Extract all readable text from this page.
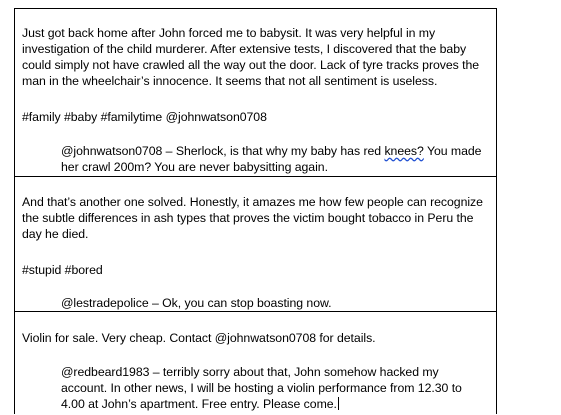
Just got back home after John forced me to babysit. It was very helpful in my investigation of the child murderer. After extensive tests, I discovered that the baby could simply not have crawled all the way out the door. Lack of tyre tracks proves the man in the wheelchair’s innocence. It seems that not all sentiment is useless.

#family #baby #familytime @johnwatson0708

@johnwatson0708 – Sherlock, is that why my baby has red knees? You made her crawl 200m? You are never babysitting again.

And that’s another one solved. Honestly, it amazes me how few people can recognize the subtle differences in ash types that proves the victim bought tobacco in Peru the day he died.

#stupid #bored

@lestradepolice – Ok, you can stop boasting now.

Violin for sale. Very cheap. Contact @johnwatson0708 for details.

@redbeard1983 – terribly sorry about that, John somehow hacked my account. In other news, I will be hosting a violin performance from 12.30 to 4.00 at John’s apartment. Free entry. Please come.
